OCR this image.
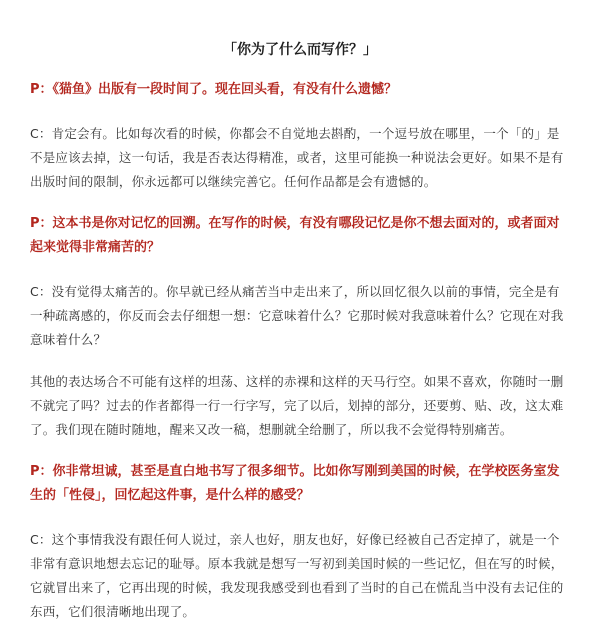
「你为了什么而写作？」
P：《猫鱼》出版有一段时间了。现在回头看，有没有什么遗憾？
C：肯定会有。比如每次看的时候，你都会不自觉地去斟酌，一个逗号放在哪里，一个「的」是不是应该去掉，这一句话，我是否表达得精准，或者，这里可能换一种说法会更好。如果不是有出版时间的限制，你永远都可以继续完善它。任何作品都是会有遗憾的。
P：这本书是你对记忆的回溯。在写作的时候，有没有哪段记忆是你不想去面对的，或者面对起来觉得非常痛苦的？
C：没有觉得太痛苦的。你早就已经从痛苦当中走出来了，所以回忆很久以前的事情，完全是有一种疏离感的，你反而会去仔细想一想：它意味着什么？它那时候对我意味着什么？它现在对我意味着什么？
其他的表达场合不可能有这样的坦荡、这样的赤裸和这样的天马行空。如果不喜欢，你随时一删不就完了吗？过去的作者都得一行一行字写，完了以后，划掉的部分，还要剪、贴、改，这太难了。我们现在随时随地，醒来又改一稿，想删就全给删了，所以我不会觉得特别痛苦。
P：你非常坦诚，甚至是直白地书写了很多细节。比如你写刚到美国的时候，在学校医务室发生的「性侵」，回忆起这件事，是什么样的感受？
C：这个事情我没有跟任何人说过，亲人也好，朋友也好，好像已经被自己否定掉了，就是一个非常有意识地想去忘记的耻辱。原本我就是想写一写初到美国时候的一些记忆，但在写的时候，它就冒出来了，它再出现的时候，我发现我感受到也看到了当时的自己在慌乱当中没有去记住的东西，它们很清晰地出现了。
